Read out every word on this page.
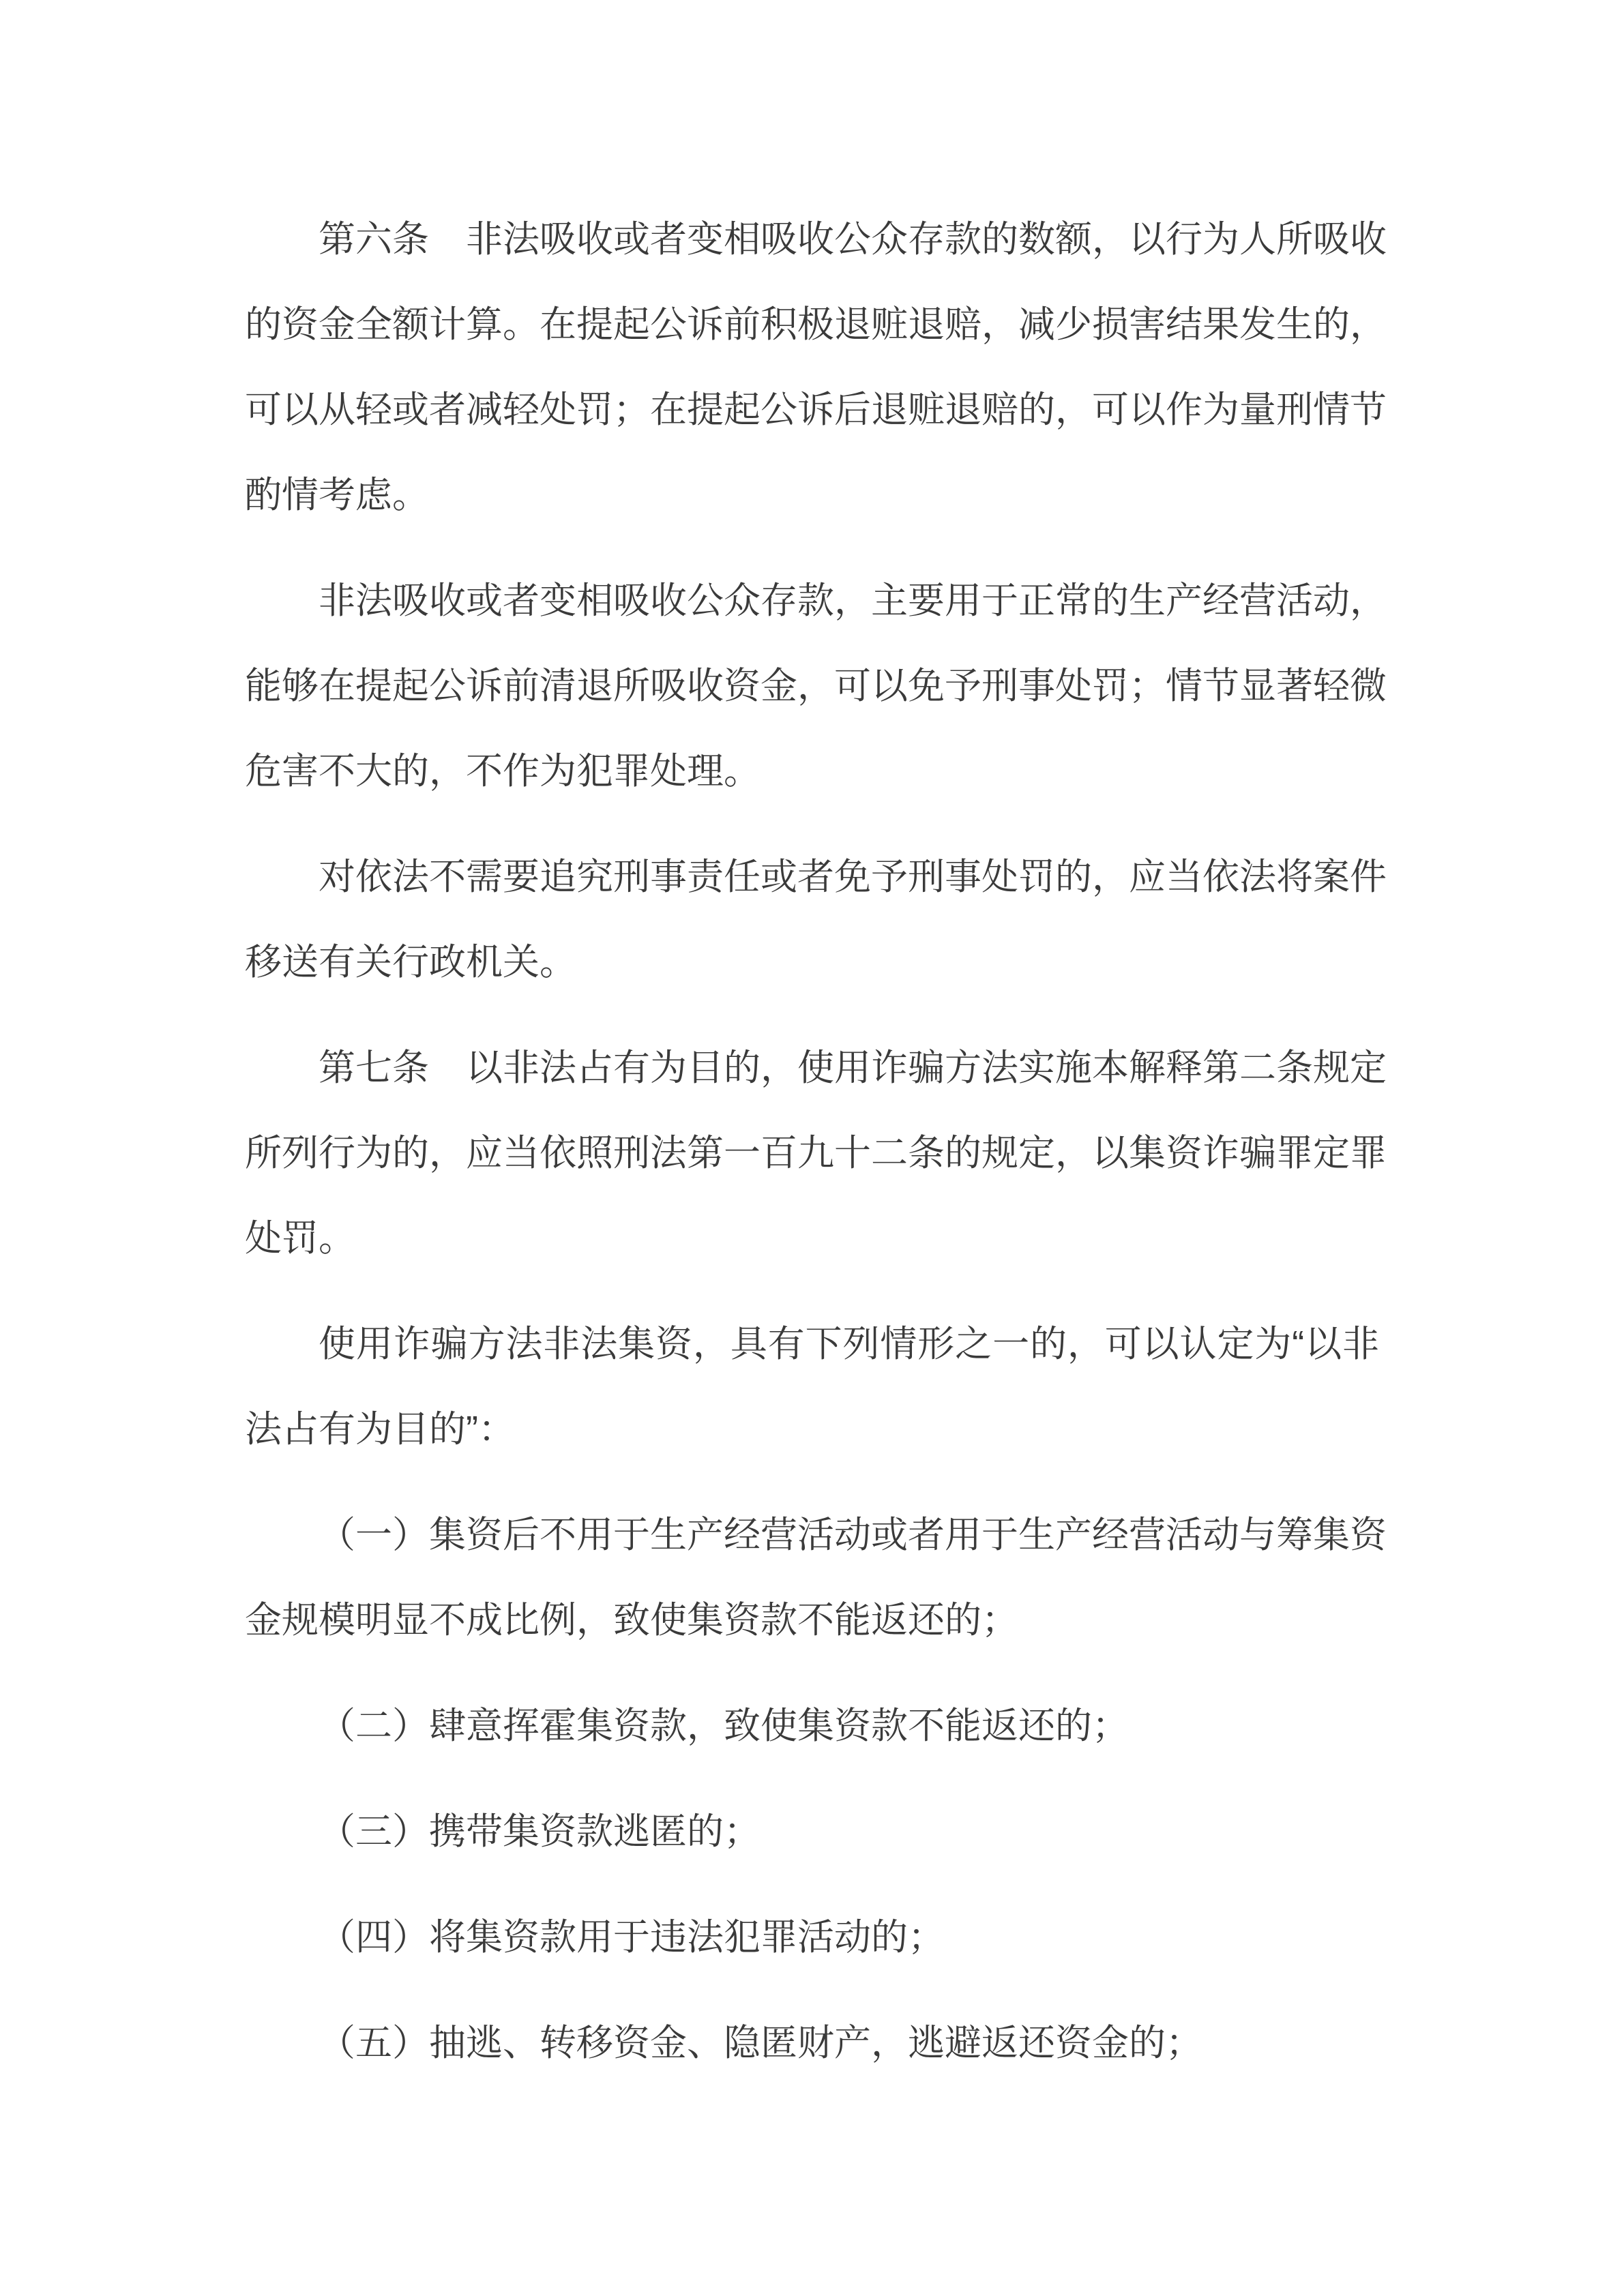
第六条　非法吸收或者变相吸收公众存款的数额，以行为人所吸收
的资金全额计算。在提起公诉前积极退赃退赔，减少损害结果发生的，
可以从轻或者减轻处罚；在提起公诉后退赃退赔的，可以作为量刑情节
酌情考虑。
非法吸收或者变相吸收公众存款，主要用于正常的生产经营活动，
能够在提起公诉前清退所吸收资金，可以免予刑事处罚；情节显著轻微
危害不大的，不作为犯罪处理。
对依法不需要追究刑事责任或者免予刑事处罚的，应当依法将案件
移送有关行政机关。
第七条　以非法占有为目的，使用诈骗方法实施本解释第二条规定
所列行为的，应当依照刑法第一百九十二条的规定，以集资诈骗罪定罪
处罚。
使用诈骗方法非法集资，具有下列情形之一的，可以认定为“以非
法占有为目的”：
（一）集资后不用于生产经营活动或者用于生产经营活动与筹集资
金规模明显不成比例，致使集资款不能返还的；
（二）肆意挥霍集资款，致使集资款不能返还的；
（三）携带集资款逃匿的；
（四）将集资款用于违法犯罪活动的；
（五）抽逃、转移资金、隐匿财产，逃避返还资金的；
